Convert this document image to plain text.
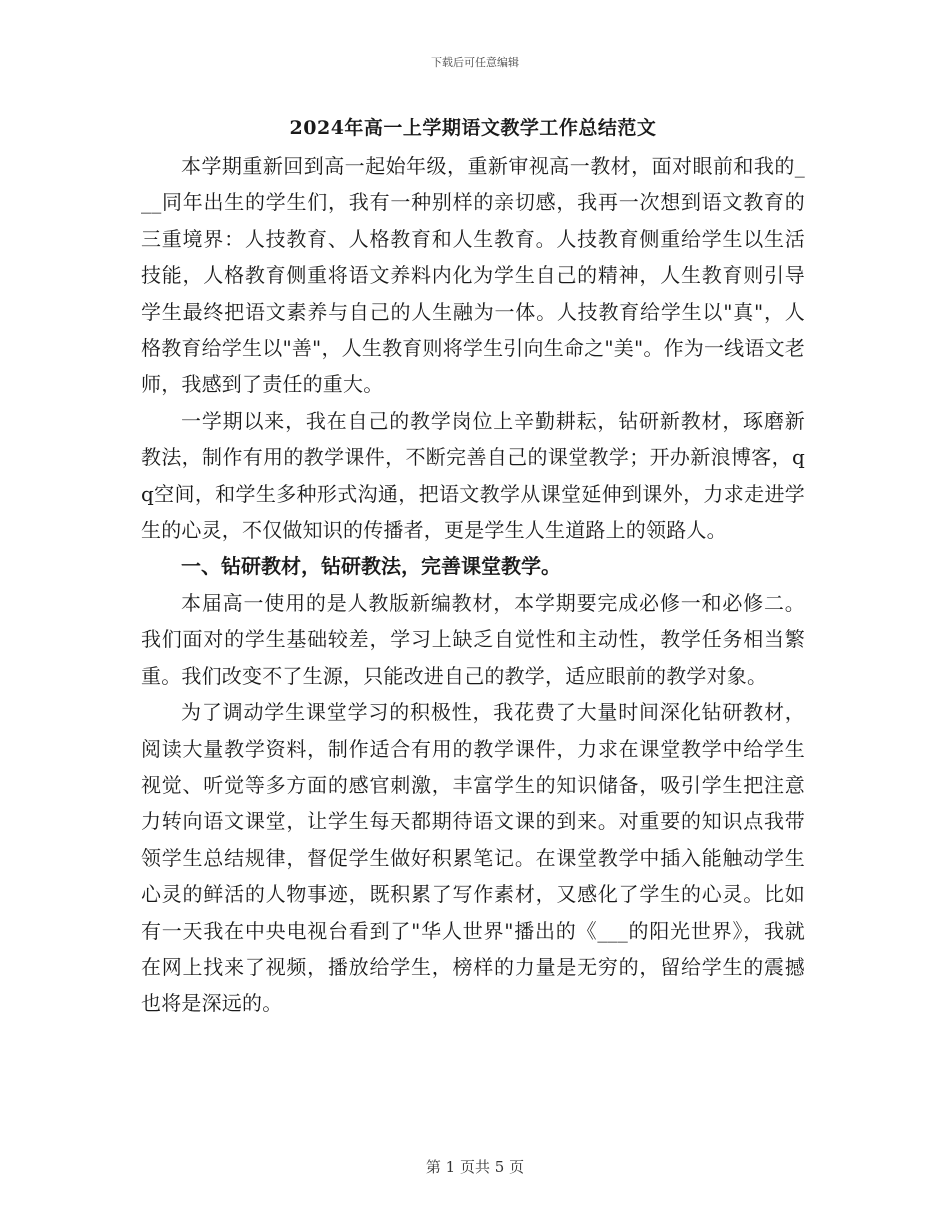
下载后可任意编辑
2024年高一上学期语文教学工作总结范文

本学期重新回到高一起始年级，重新审视高一教材，面对眼前和我的___同年出生的学生们，我有一种别样的亲切感，我再一次想到语文教育的三重境界：人技教育、人格教育和人生教育。人技教育侧重给学生以生活技能，人格教育侧重将语文养料内化为学生自己的精神，人生教育则引导学生最终把语文素养与自己的人生融为一体。人技教育给学生以"真"，人格教育给学生以"善"，人生教育则将学生引向生命之"美"。作为一线语文老师，我感到了责任的重大。

一学期以来，我在自己的教学岗位上辛勤耕耘，钻研新教材，琢磨新教法，制作有用的教学课件，不断完善自己的课堂教学；开办新浪博客，qq空间，和学生多种形式沟通，把语文教学从课堂延伸到课外，力求走进学生的心灵，不仅做知识的传播者，更是学生人生道路上的领路人。

一、钻研教材，钻研教法，完善课堂教学。

本届高一使用的是人教版新编教材，本学期要完成必修一和必修二。我们面对的学生基础较差，学习上缺乏自觉性和主动性，教学任务相当繁重。我们改变不了生源，只能改进自己的教学，适应眼前的教学对象。

为了调动学生课堂学习的积极性，我花费了大量时间深化钻研教材，阅读大量教学资料，制作适合有用的教学课件，力求在课堂教学中给学生视觉、听觉等多方面的感官刺激，丰富学生的知识储备，吸引学生把注意力转向语文课堂，让学生每天都期待语文课的到来。对重要的知识点我带领学生总结规律，督促学生做好积累笔记。在课堂教学中插入能触动学生心灵的鲜活的人物事迹，既积累了写作素材，又感化了学生的心灵。比如有一天我在中央电视台看到了"华人世界"播出的《___的阳光世界》，我就在网上找来了视频，播放给学生，榜样的力量是无穷的，留给学生的震撼也将是深远的。

第 1 页共 5 页
